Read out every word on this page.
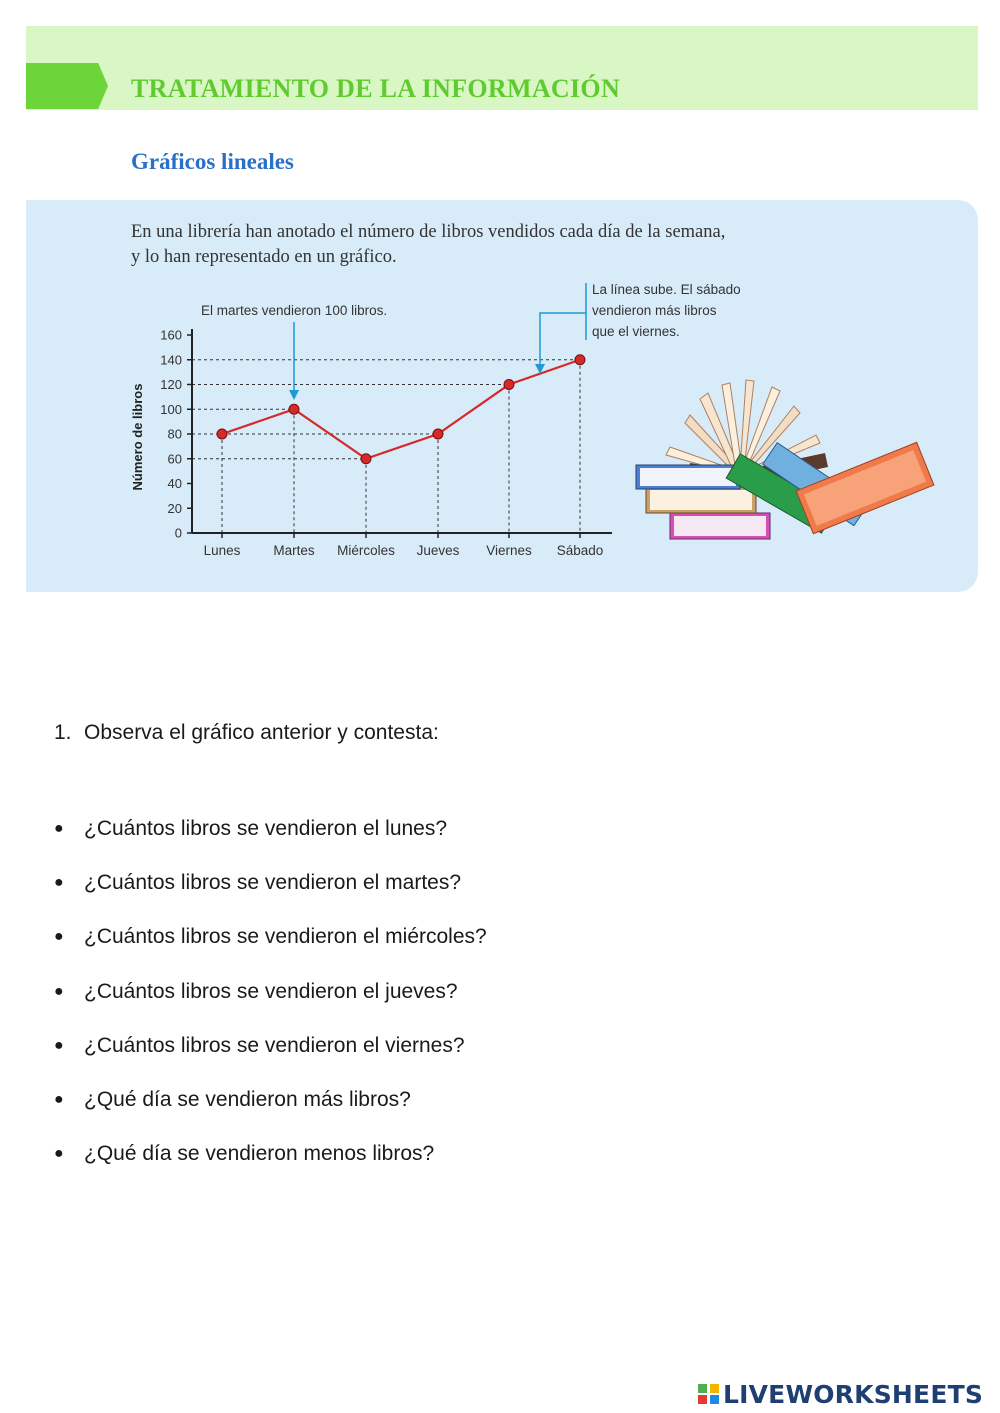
TRATAMIENTO DE LA INFORMACIÓN
Gráficos lineales
En una librería han anotado el número de libros vendidos cada día de la semana,
y lo han representado en un gráfico.
0
20
40
60
80
100
120
140
160
Lunes Martes Miércoles Jueves Viernes Sábado
Número de libros
El martes vendieron 100 libros.
La línea sube. El sábado
vendieron más libros
que el viernes.
1. Observa el gráfico anterior y contesta:
● ¿Cuántos libros se vendieron el lunes?
● ¿Cuántos libros se vendieron el martes?
● ¿Cuántos libros se vendieron el miércoles?
● ¿Cuántos libros se vendieron el jueves?
● ¿Cuántos libros se vendieron el viernes?
● ¿Qué día se vendieron más libros?
● ¿Qué día se vendieron menos libros?
LIVEWORKSHEETS
